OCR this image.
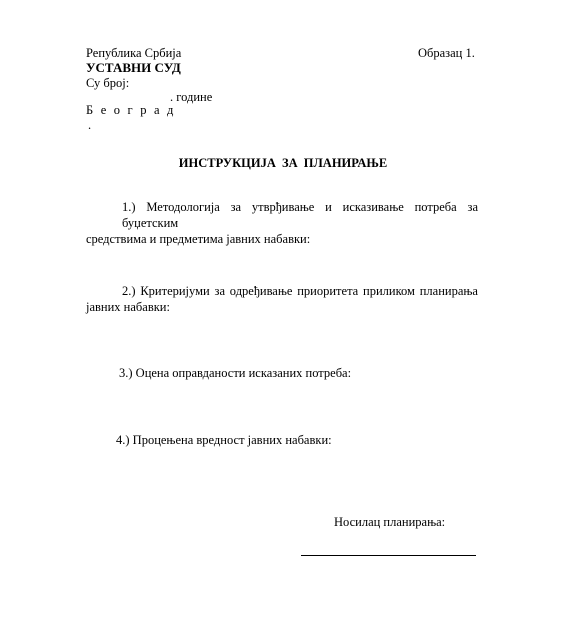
Република Србија	Образац 1.
УСТАВНИ СУД
Су број:
. године
Б е о г р а д
.
ИНСТРУКЦИЈА ЗА ПЛАНИРАЊЕ
1.) Методологија за утврђивање и исказивање потреба за буџетским
средствима и предметима јавних набавки:
2.) Критеријуми за одређивање приоритета приликом планирања
јавних набавки:
3.) Оцена оправданости исказаних потреба:
4.) Процењена вредност јавних набавки:
Носилац планирања:
